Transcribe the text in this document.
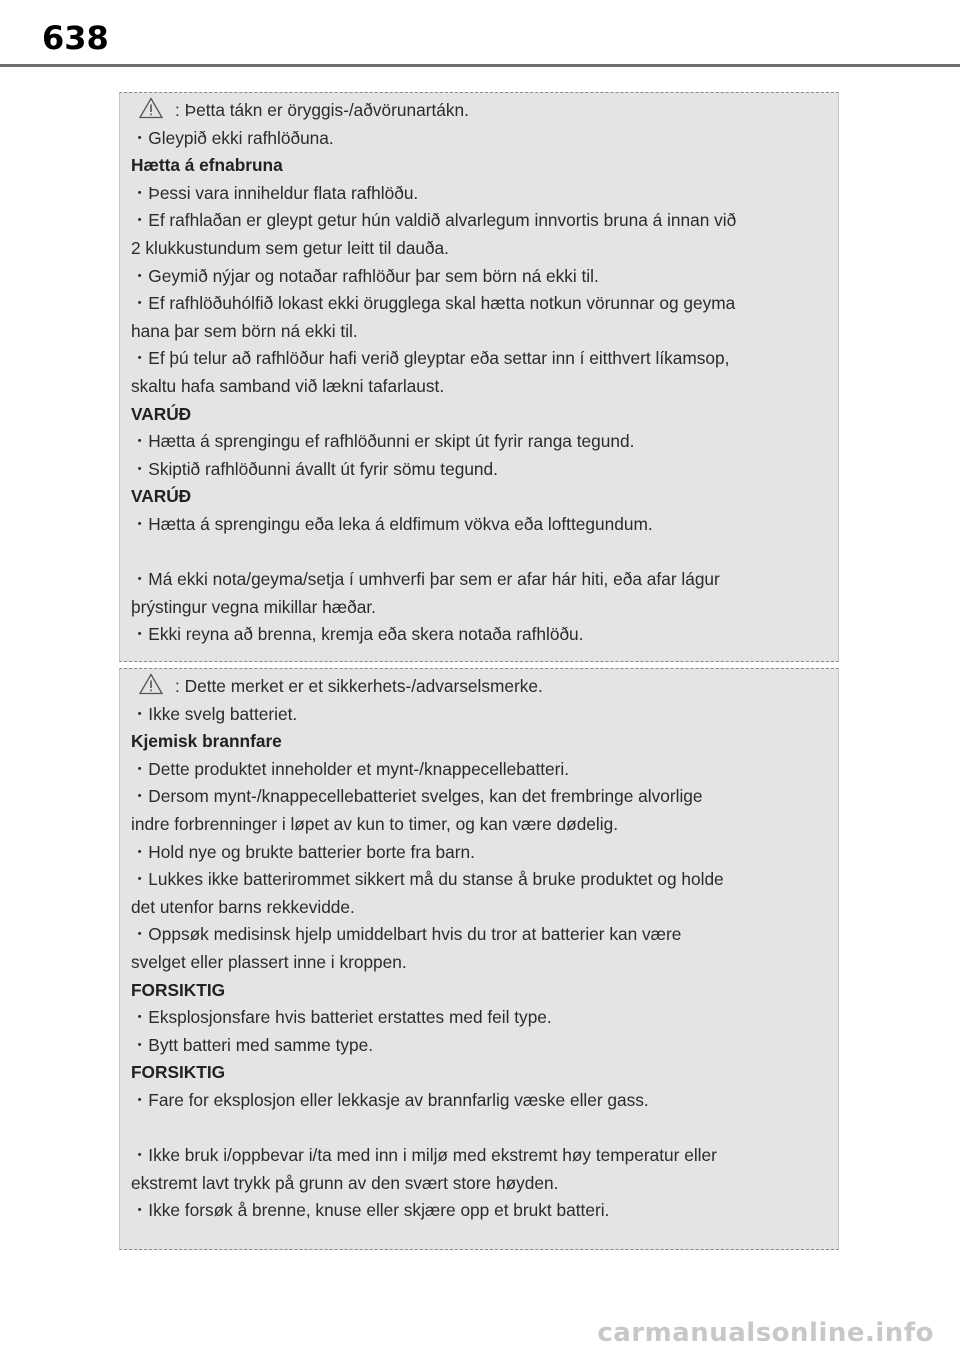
638
: Þetta tákn er öryggis-/aðvörunartákn.
・Gleypið ekki rafhlöðuna.
Hætta á efnabruna
・Þessi vara inniheldur flata rafhlöðu.
・Ef rafhlaðan er gleypt getur hún valdið alvarlegum innvortis bruna á innan við
2 klukkustundum sem getur leitt til dauða.
・Geymið nýjar og notaðar rafhlöður þar sem börn ná ekki til.
・Ef rafhlöðuhólfið lokast ekki örugglega skal hætta notkun vörunnar og geyma
hana þar sem börn ná ekki til.
・Ef þú telur að rafhlöður hafi verið gleyptar eða settar inn í eitthvert líkamsop,
skaltu hafa samband við lækni tafarlaust.
VARÚÐ
・Hætta á sprengingu ef rafhlöðunni er skipt út fyrir ranga tegund.
・Skiptið rafhlöðunni ávallt út fyrir sömu tegund.
VARÚÐ
・Hætta á sprengingu eða leka á eldfimum vökva eða lofttegundum.
・Má ekki nota/geyma/setja í umhverfi þar sem er afar hár hiti, eða afar lágur
þrýstingur vegna mikillar hæðar.
・Ekki reyna að brenna, kremja eða skera notaða rafhlöðu.
: Dette merket er et sikkerhets-/advarselsmerke.
・Ikke svelg batteriet.
Kjemisk brannfare
・Dette produktet inneholder et mynt-/knappecellebatteri.
・Dersom mynt-/knappecellebatteriet svelges, kan det frembringe alvorlige
indre forbrenninger i løpet av kun to timer, og kan være dødelig.
・Hold nye og brukte batterier borte fra barn.
・Lukkes ikke batterirommet sikkert må du stanse å bruke produktet og holde
det utenfor barns rekkevidde.
・Oppsøk medisinsk hjelp umiddelbart hvis du tror at batterier kan være
svelget eller plassert inne i kroppen.
FORSIKTIG
・Eksplosjonsfare hvis batteriet erstattes med feil type.
・Bytt batteri med samme type.
FORSIKTIG
・Fare for eksplosjon eller lekkasje av brannfarlig væske eller gass.
・Ikke bruk i/oppbevar i/ta med inn i miljø med ekstremt høy temperatur eller
ekstremt lavt trykk på grunn av den svært store høyden.
・Ikke forsøk å brenne, knuse eller skjære opp et brukt batteri.
carmanualsonline.info
